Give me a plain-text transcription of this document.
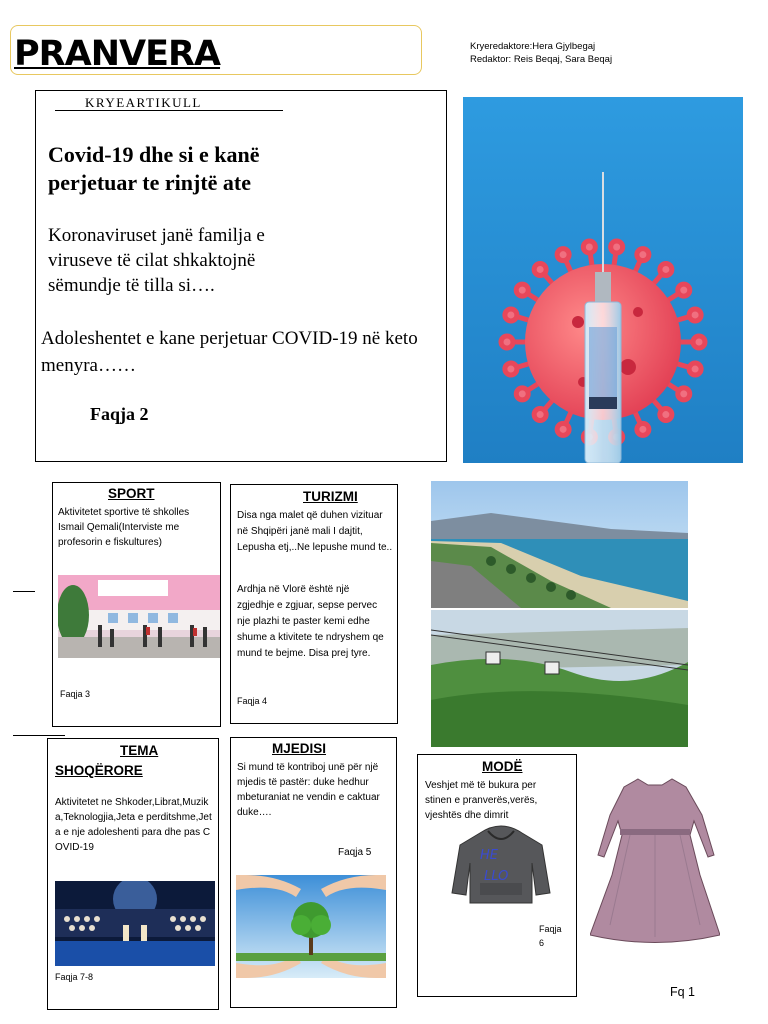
PRANVERA	Kryeredaktore:Hera Gjylbegaj
Redaktor: Reis Beqaj, Sara Beqaj
KRYEARTIKULL
Covid-19 dhe si e kanë perjetuar te rinjtë ate
Koronaviruset janë familja e viruseve të cilat shkaktojnë sëmundje të tilla si….
Adoleshentet e kane perjetuar COVID-19 në keto menyra……
Faqja 2
SPORT
Aktivitetet sportive të shkolles Ismail Qemali(Interviste me profesorin e fiskultures)
Faqja 3
TURIZMI
Disa nga malet që duhen vizituar në Shqipëri janë mali I dajtit, Lepusha etj,..Ne lepushe mund te..
Ardhja në Vlorë është një zgjedhje e zgjuar, sepse pervec nje plazhi te paster kemi edhe shume a ktivitete te ndryshem qe mund te bejme. Disa prej tyre.
Faqja 4
TEMA
SHOQËRORE
Aktivitetet ne Shkoder,Librat,Muzika,Teknologjia,Jeta e perditshme,Jeta e nje adoleshenti para dhe pas COVID-19
Faqja 7-8
MJEDISI
Si mund të kontriboj unë për një mjedis të pastër: duke hedhur mbeturaniat ne vendin e caktuar duke….
Faqja 5
MODË
Veshjet më të bukura per stinen e pranverës,verës, vjeshtës dhe dimrit
HE
LLO
Faqja 6
Fq 1
